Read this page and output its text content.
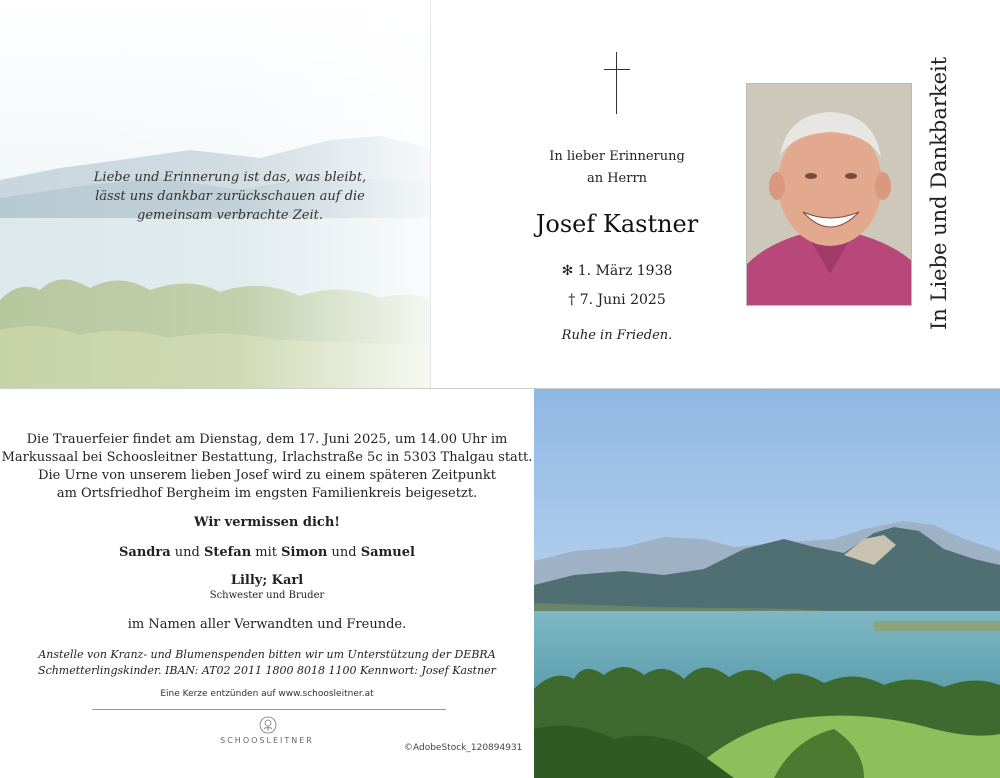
Liebe und Erinnerung ist das, was bleibt,
lässt uns dankbar zurückschauen auf die
gemeinsam verbrachte Zeit.
In lieber Erinnerung
an Herrn
Josef Kastner
✻ 1. März 1938
† 7. Juni 2025
Ruhe in Frieden.
In Liebe und Dankbarkeit
Die Trauerfeier findet am Dienstag, dem 17. Juni 2025, um 14.00 Uhr im
Markussaal bei Schoosleitner Bestattung, Irlachstraße 5c in 5303 Thalgau statt.
Die Urne von unserem lieben Josef wird zu einem späteren Zeitpunkt
am Ortsfriedhof Bergheim im engsten Familienkreis beigesetzt.
Wir vermissen dich!
Sandra und Stefan mit Simon und Samuel
Lilly; Karl
Schwester und Bruder
im Namen aller Verwandten und Freunde.
Anstelle von Kranz- und Blumenspenden bitten wir um Unterstützung der DEBRA
Schmetterlingskinder. IBAN: AT02 2011 1800 8018 1100 Kennwort: Josef Kastner
Eine Kerze entzünden auf www.schoosleitner.at
SCHOOSLEITNER
©AdobeStock_120894931
